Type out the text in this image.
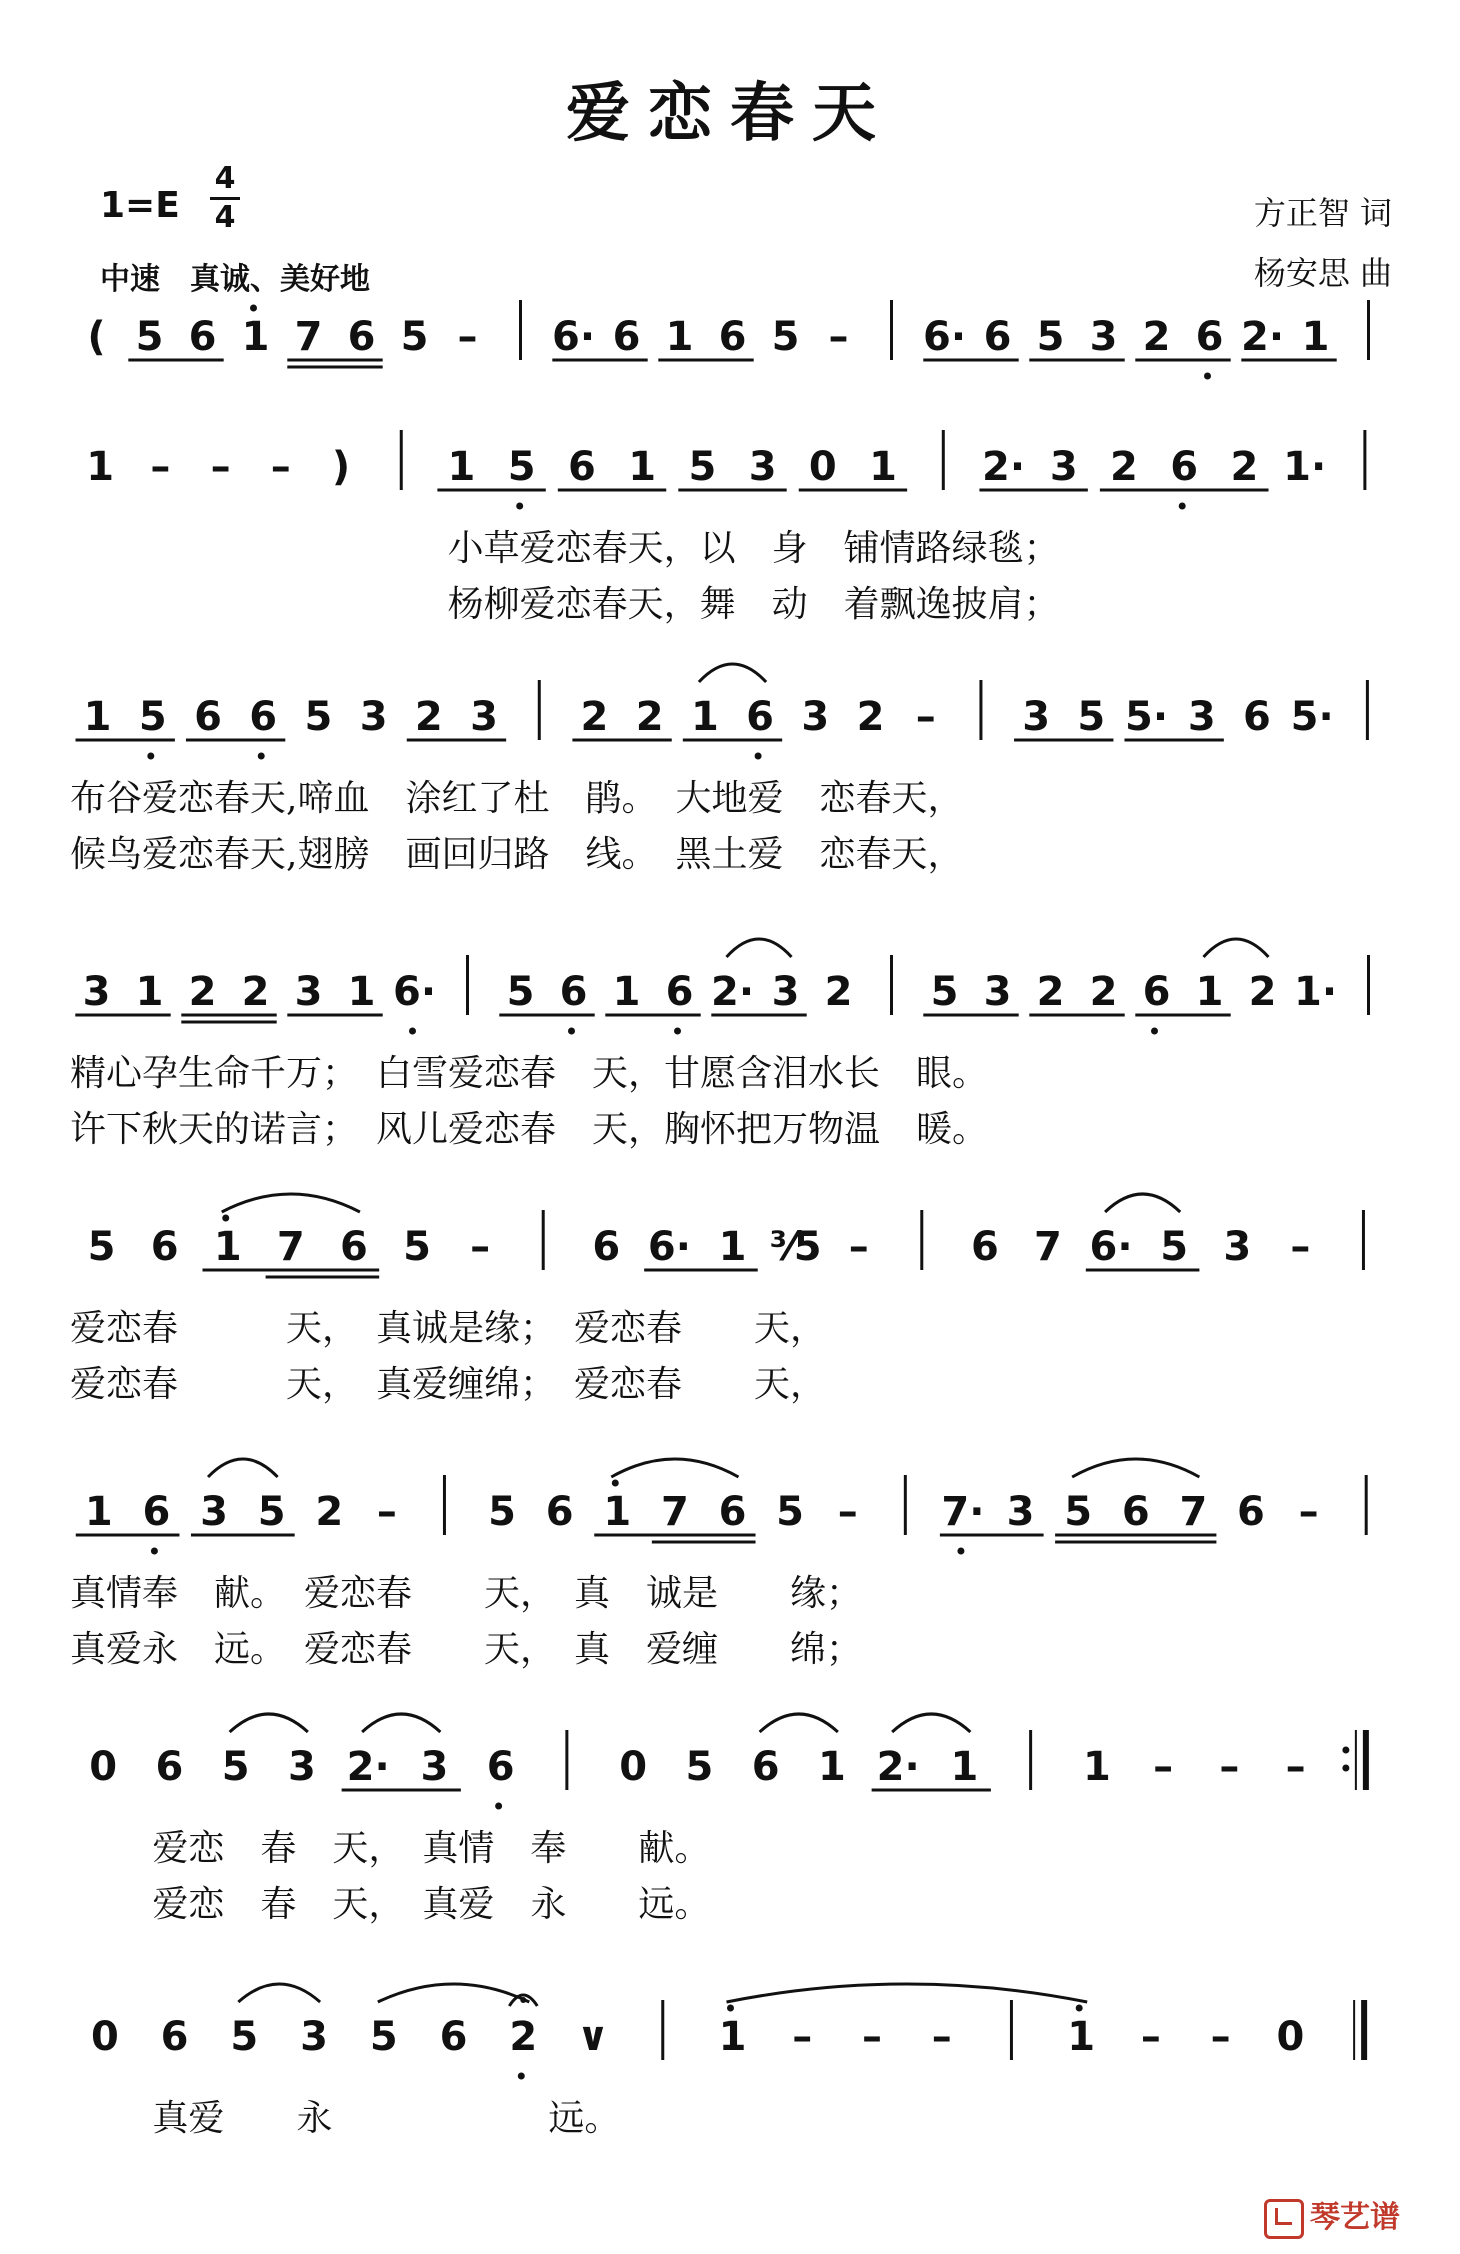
爱恋春天
1=E
4
4
中速　真诚、美好地
方正智 词
杨安思 曲
( 5 6 1 7 6 5 – 6· 6 1 6 5 – 6· 6 5 3 2 6 2· 1
1 – – – ) 1 5 6 1 5 3 0 1 2· 3 2 6 2 1·
小草爱恋春天，以　身　铺情路绿毯；
杨柳爱恋春天，舞　动　着飘逸披肩；
1 5 6 6 5 3 2 3 2 2 1 6 3 2 – 3 5 5· 3 6 5·
布谷爱恋春天,啼血　涂红了杜　鹃。　大地爱　恋春天，
候鸟爱恋春天,翅膀　画回归路　线。　黑土爱　恋春天，
3 1 2 2 3 1 6· 5 6 1 6 2· 3 2 5 3 2 2 6 1 2 1·
精心孕生命千万；　白雪爱恋春　天，甘愿含泪水长　眼。
许下秋天的诺言；　风儿爱恋春　天，胸怀把万物温　暖。
5 6 1 7 6 5 –	6 6· 1 ³⁄5 –	6 7 6· 5 3 –
爱恋春　　　天，　真诚是缘；　爱恋春　　天，
爱恋春　　　天，　真爱缠绵；　爱恋春　　天，
1 6 3 5 2 – 5 6 1 7 6 5 – 7· 3 5 6 7 6 –
真情奉　献。　爱恋春　　天，　真　诚是　　缘；
真爱永　远。　爱恋春　　天，　真　爱缠　　绵；
0 6 5 3 2· 3 6	0 5 6 1 2· 1	1 – – –
　爱恋　春　天，　真情　奉　　献。
　爱恋　春　天，　真爱　永　　远。
0 6 5 3 5 6 2 ∨	1 – – –	1 – – 0
　真爱　　永　　　　　　远。
琴艺谱
